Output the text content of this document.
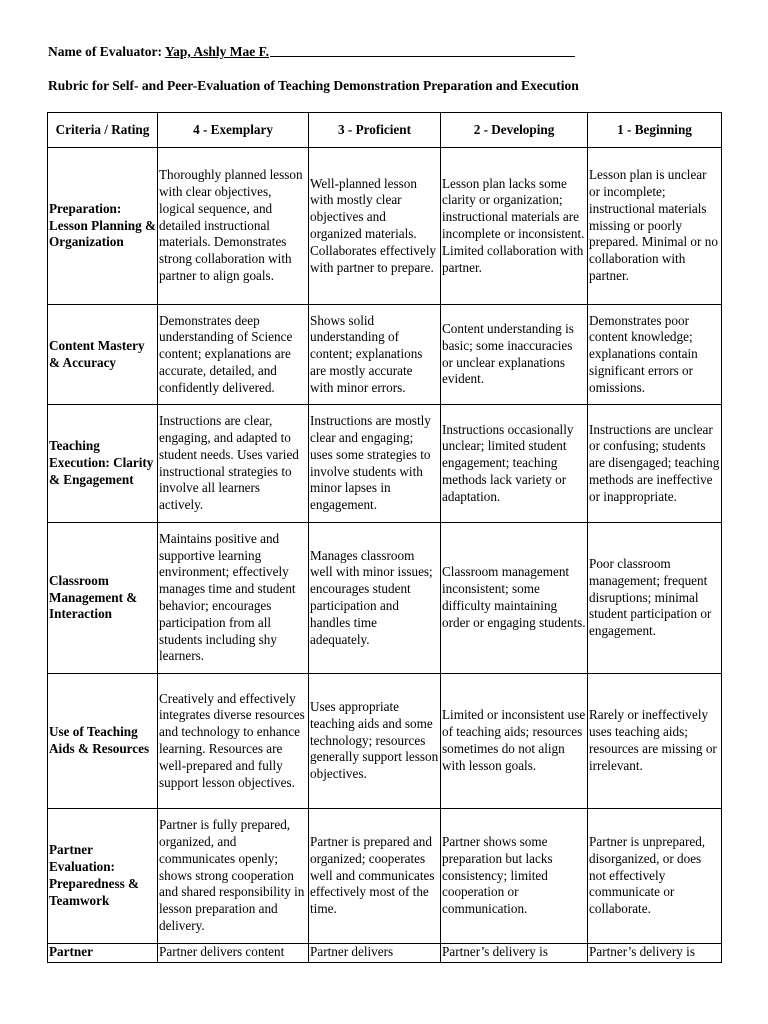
Name of Evaluator: Yap, Ashly Mae F.
Rubric for Self- and Peer-Evaluation of Teaching Demonstration Preparation and Execution
Criteria / Rating	4 - Exemplary	3 - Proficient	2 - Developing	1 - Beginning
Preparation: Lesson Planning & Organization	Thoroughly planned lesson with clear objectives, logical sequence, and detailed instructional materials. Demonstrates strong collaboration with partner to align goals.	Well-planned lesson with mostly clear objectives and organized materials. Collaborates effectively with partner to prepare.	Lesson plan lacks some clarity or organization; instructional materials are incomplete or inconsistent. Limited collaboration with partner.	Lesson plan is unclear or incomplete; instructional materials missing or poorly prepared. Minimal or no collaboration with partner.
Content Mastery & Accuracy	Demonstrates deep understanding of Science content; explanations are accurate, detailed, and confidently delivered.	Shows solid understanding of content; explanations are mostly accurate with minor errors.	Content understanding is basic; some inaccuracies or unclear explanations evident.	Demonstrates poor content knowledge; explanations contain significant errors or omissions.
Teaching Execution: Clarity & Engagement	Instructions are clear, engaging, and adapted to student needs. Uses varied instructional strategies to involve all learners actively.	Instructions are mostly clear and engaging; uses some strategies to involve students with minor lapses in engagement.	Instructions occasionally unclear; limited student engagement; teaching methods lack variety or adaptation.	Instructions are unclear or confusing; students are disengaged; teaching methods are ineffective or inappropriate.
Classroom Management & Interaction	Maintains positive and supportive learning environment; effectively manages time and student behavior; encourages participation from all students including shy learners.	Manages classroom well with minor issues; encourages student participation and handles time adequately.	Classroom management inconsistent; some difficulty maintaining order or engaging students.	Poor classroom management; frequent disruptions; minimal student participation or engagement.
Use of Teaching Aids & Resources	Creatively and effectively integrates diverse resources and technology to enhance learning. Resources are well-prepared and fully support lesson objectives.	Uses appropriate teaching aids and some technology; resources generally support lesson objectives.	Limited or inconsistent use of teaching aids; resources sometimes do not align with lesson goals.	Rarely or ineffectively uses teaching aids; resources are missing or irrelevant.
Partner Evaluation: Preparedness & Teamwork	Partner is fully prepared, organized, and communicates openly; shows strong cooperation and shared responsibility in lesson preparation and delivery.	Partner is prepared and organized; cooperates well and communicates effectively most of the time.	Partner shows some preparation but lacks consistency; limited cooperation or communication.	Partner is unprepared, disorganized, or does not effectively communicate or collaborate.
Partner	Partner delivers content	Partner delivers	Partner’s delivery is	Partner’s delivery is
